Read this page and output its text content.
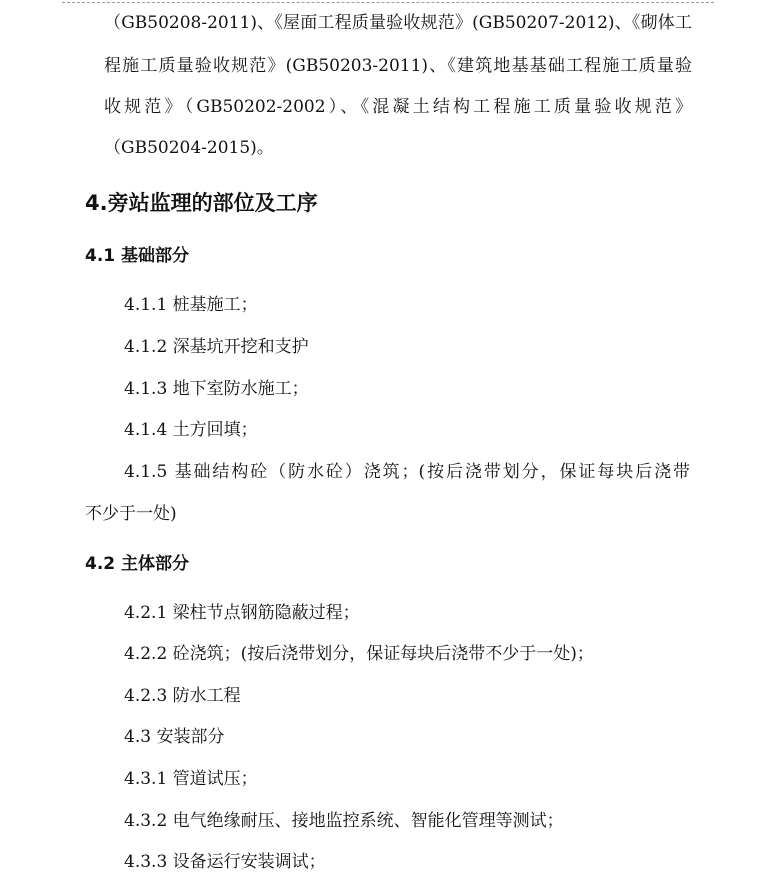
（GB50208-2011)、《屋面工程质量验收规范》(GB50207-2012)、《砌体工
程施工质量验收规范》(GB50203-2011)、《建筑地基基础工程施工质量验
收规范》（GB50202-2002）、《混凝土结构工程施工质量验收规范》
（GB50204-2015)。
4.旁站监理的部位及工序
4.1 基础部分
4.1.1 桩基施工；
4.1.2 深基坑开挖和支护
4.1.3 地下室防水施工；
4.1.4 土方回填；
4.1.5 基础结构砼（防水砼）浇筑；(按后浇带划分，保证每块后浇带
不少于一处)
4.2 主体部分
4.2.1 梁柱节点钢筋隐蔽过程；
4.2.2 砼浇筑；(按后浇带划分，保证每块后浇带不少于一处)；
4.2.3 防水工程
4.3 安装部分
4.3.1 管道试压；
4.3.2 电气绝缘耐压、接地监控系统、智能化管理等测试；
4.3.3 设备运行安装调试；
